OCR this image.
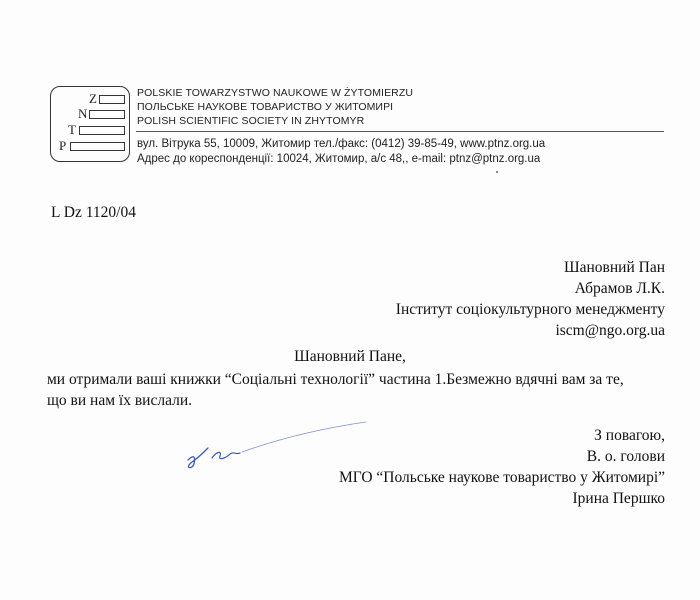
Z
N
T
P
POLSKIE TOWARZYSTWO NAUKOWE W ŻYTOMIERZU
ПОЛЬСЬКЕ НАУКОВЕ ТОВАРИСТВО У ЖИТОМИРІ
POLISH SCIENTIFIC SOCIETY IN ZHYTOMYR
вул. Вітрука 55, 10009, Житомир тел./факс: (0412) 39-85-49, www.ptnz.org.ua
Адрес до кореспонденції: 10024, Житомир, а/с 48,, e-mail: ptnz@ptnz.org.ua
L Dz 1120/04
Шановний Пан
Абрамов Л.К.
Інститут соціокультурного менеджменту
iscm@ngo.org.ua
Шановний Пане,
ми отримали ваші книжки “Соціальні технології” частина 1.Безмежно вдячні вам за те,
що ви нам їх вислали.
З повагою,
В. о. голови
МГО “Польське наукове товариство у Житомирі”
Ірина Першко
